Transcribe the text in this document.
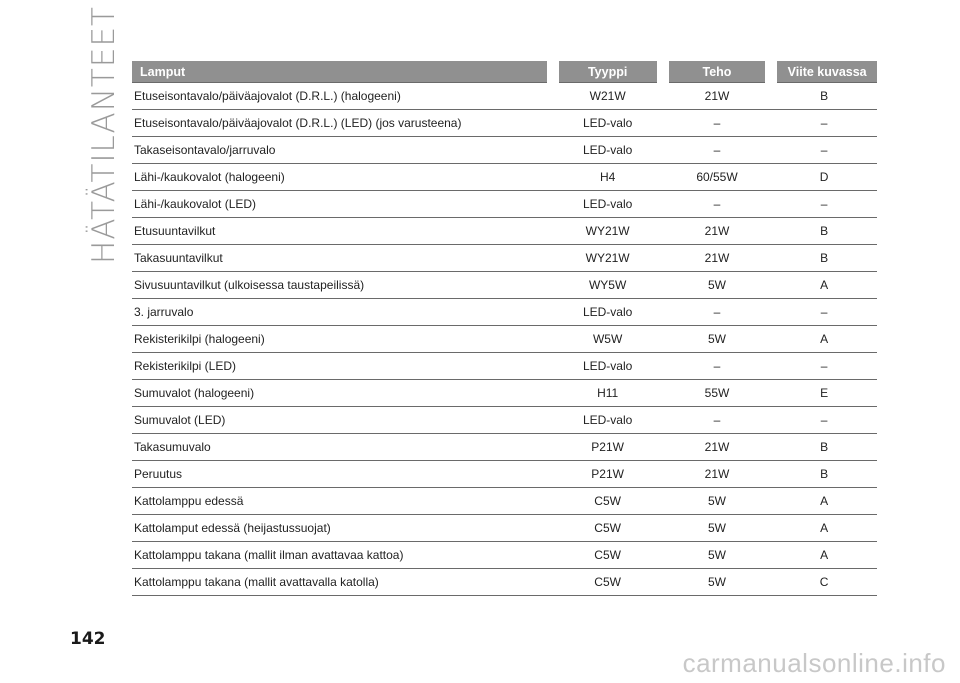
HÄTÄTILANTEET Lamput	Tyyppi	Teho	Viite kuvassa
Etuseisontavalo/päiväajovalot (D.R.L.) (halogeeni)	W21W	21W	B
Etuseisontavalo/päiväajovalot (D.R.L.) (LED) (jos varusteena)	LED-valo	–	–
Takaseisontavalo/jarruvalo	LED-valo	–	–
Lähi-/kaukovalot (halogeeni)	H4	60/55W	D
Lähi-/kaukovalot (LED)	LED-valo	–	–
Etusuuntavilkut	WY21W	21W	B
Takasuuntavilkut	WY21W	21W	B
Sivusuuntavilkut (ulkoisessa taustapeilissä)	WY5W	5W	A
3. jarruvalo	LED-valo	–	–
Rekisterikilpi (halogeeni)	W5W	5W	A
Rekisterikilpi (LED)	LED-valo	–	–
Sumuvalot (halogeeni)	H11	55W	E
Sumuvalot (LED)	LED-valo	–	–
Takasumuvalo	P21W	21W	B
Peruutus	P21W	21W	B
Kattolamppu edessä	C5W	5W	A
Kattolamput edessä (heijastussuojat)	C5W	5W	A
Kattolamppu takana (mallit ilman avattavaa kattoa)	C5W	5W	A
Kattolamppu takana (mallit avattavalla katolla)	C5W	5W	C
142
carmanualsonline.info
